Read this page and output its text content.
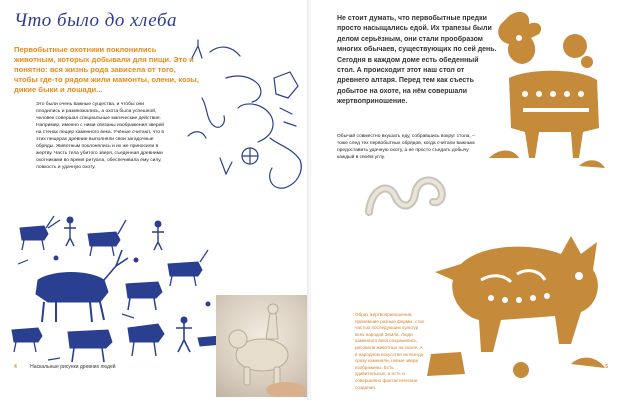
Что было до хлеба
Первобытные охотники поклонились животным, которых добывали для пищи. Это и понятно: вся жизнь рода зависела от того, чтобы где-то рядом жили мамонты, олени, козы, дикие быки и лошади...
Это были очень важные существа, и чтобы они плодились и размножались, а охота была успешной, человек совершал специальные магические действия. Например, именно с ними связаны изображения зверей на стенах пещер каменного века. Учёные считают, что в этих пещерах древние выполняли свои загадочные обряды. Животным поклонялись и их же приносили в жертву. Часть тела убитого зверя, съеденная древними охотниками во время ритуала, обеспечивала ему силу, ловкость и удачную охоту.
4	Наскальные рисунки древних людей
Не стоит думать, что первобытные предки просто насыщались едой. Их трапезы были делом серьёзным, они стали прообразом многих обычаев, существующих по сей день. Сегодня в каждом доме есть обеденный стол. А происходит этот наш стол от древнего алтаря. Перед тем как съесть добытое на охоте, на нём совершали жертвоприношение.
Обычай совместно вкушать еду, собравшись вокруг стола, – тоже след тех первобытных обрядов, когда считали важным предоставить удачную охоту, а не просто съедать добычу каждый в своём углу.
5
Образ жертвоприношения, принявшие разные формы, стал частью последующих культур всех народов Земли. Люди каменного века сохранились, рисовали животных на скале. А в народном искусстве их всегда сразу изменяли, новые звери изображены. Есть удивительных, а есть и совершенно фантастические создания.
